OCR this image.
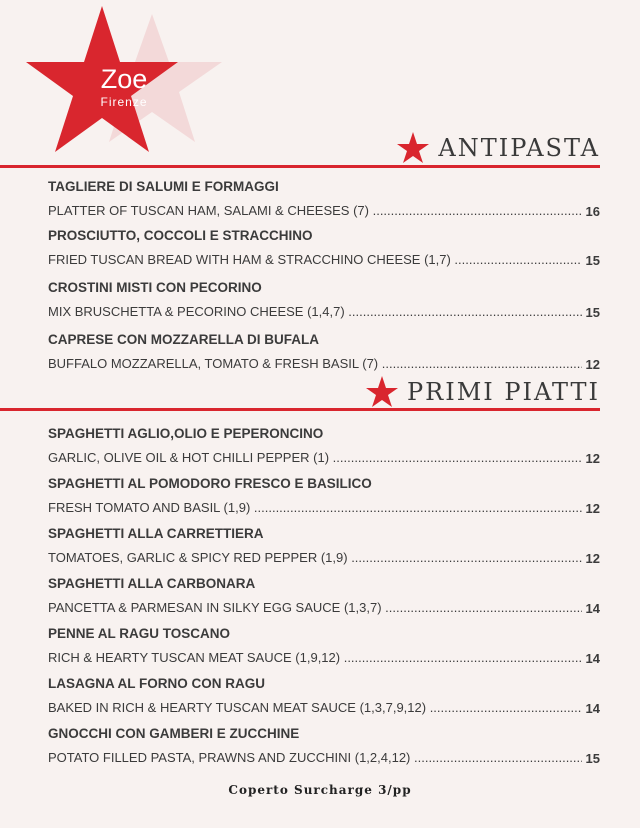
Zoe
Firenze
ANTIPASTA
TAGLIERE DI SALUMI E FORMAGGI
PLATTER OF TUSCAN HAM, SALAMI & CHEESES (7) .....	16
PROSCIUTTO, COCCOLI E STRACCHINO
FRIED TUSCAN BREAD WITH HAM & STRACCHINO CHEESE (1,7) .....	15
CROSTINI MISTI CON PECORINO
MIX BRUSCHETTA & PECORINO CHEESE (1,4,7) .....	15
CAPRESE CON MOZZARELLA DI BUFALA
BUFFALO MOZZARELLA, TOMATO & FRESH BASIL (7) .....	12
PRIMI PIATTI
SPAGHETTI AGLIO,OLIO E PEPERONCINO
GARLIC, OLIVE OIL & HOT CHILLI PEPPER (1) .....	12
SPAGHETTI AL POMODORO FRESCO E BASILICO
FRESH TOMATO AND BASIL (1,9) .....	12
SPAGHETTI ALLA CARRETTIERA
TOMATOES, GARLIC & SPICY RED PEPPER (1,9) .....	12
SPAGHETTI ALLA CARBONARA
PANCETTA & PARMESAN IN SILKY EGG SAUCE (1,3,7) .....	14
PENNE AL RAGU TOSCANO
RICH & HEARTY TUSCAN MEAT SAUCE (1,9,12) .....	14
LASAGNA AL FORNO CON RAGU
BAKED IN RICH & HEARTY TUSCAN MEAT SAUCE (1,3,7,9,12) .....	14
GNOCCHI CON GAMBERI E ZUCCHINE
POTATO FILLED PASTA, PRAWNS AND ZUCCHINI (1,2,4,12) .....	15
Coperto Surcharge 3/pp
